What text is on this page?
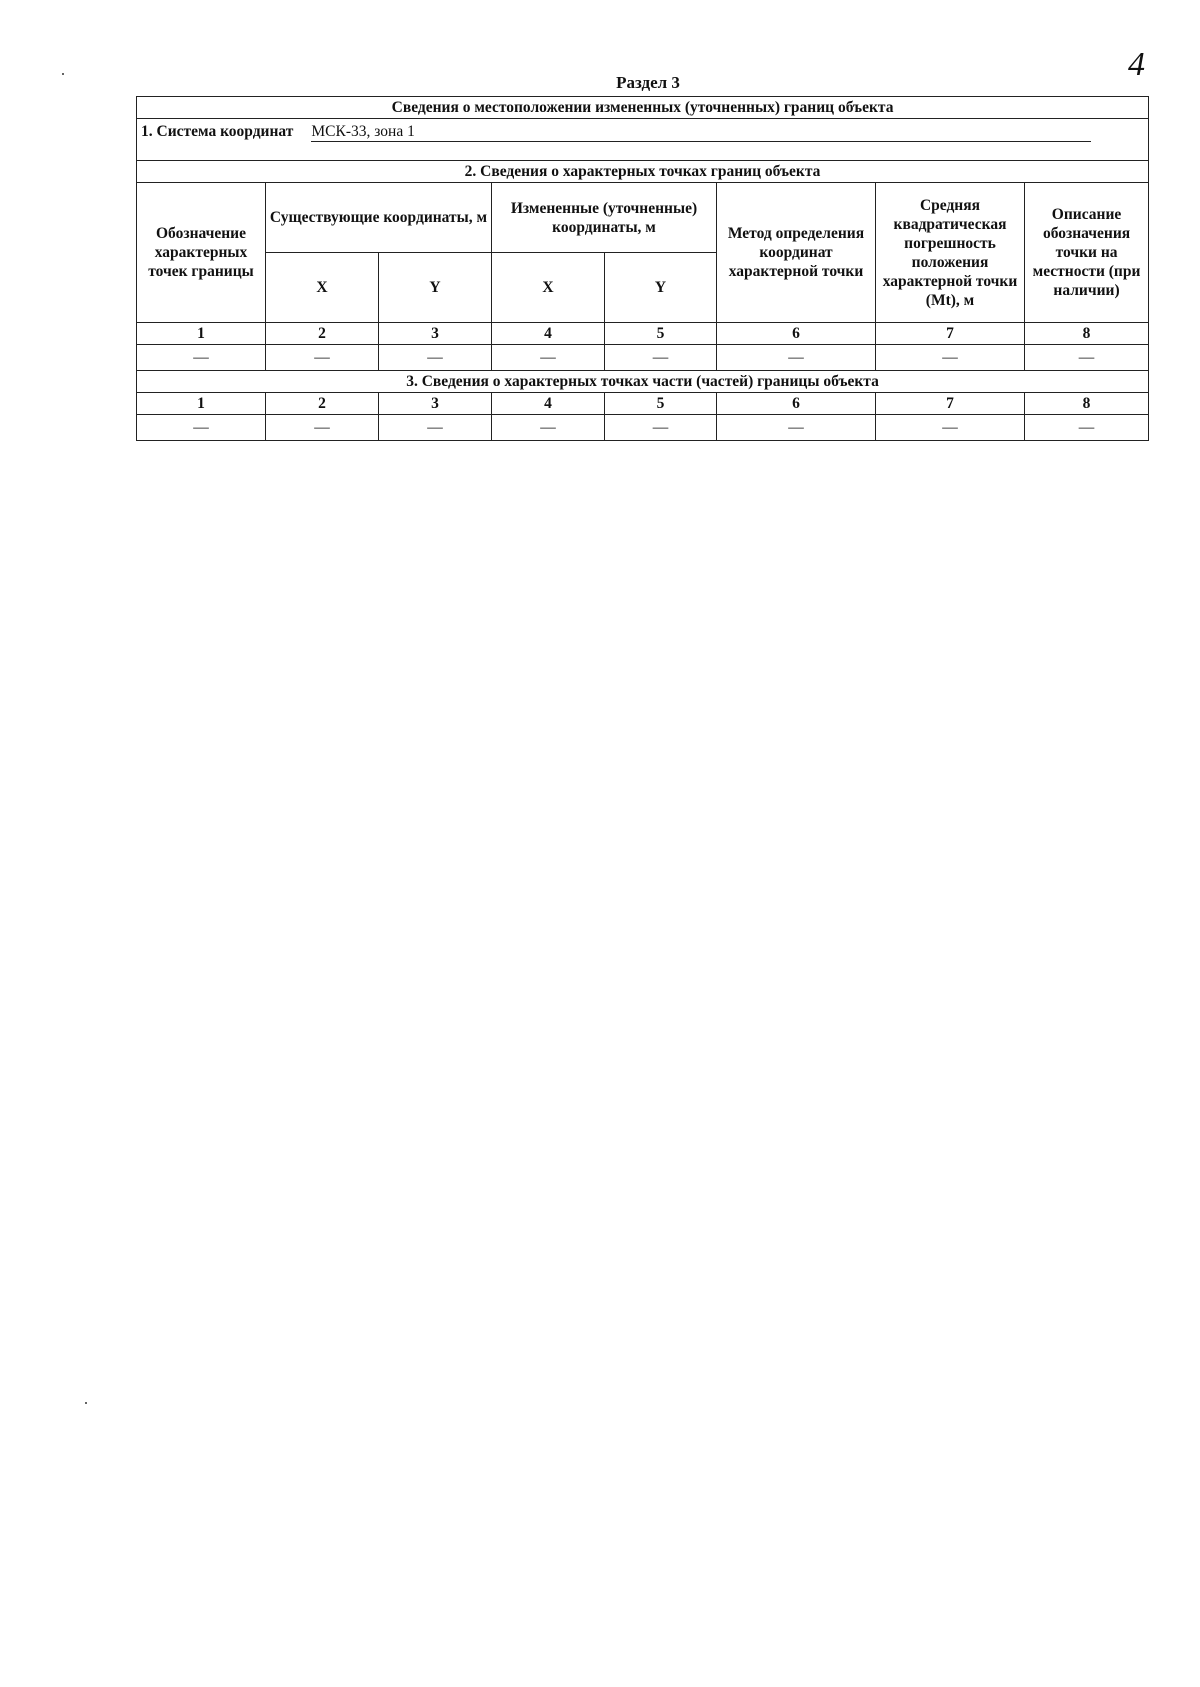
4
Раздел 3
Сведения о местоположении измененных (уточненных) границ объекта							
1. Система координат МСК-33, зона 1							
2. Сведения о характерных точках границ объекта							
Обозначение характерных точек границы	Существующие координаты, м		Измененные (уточненные) координаты, м		Метод определения координат характерной точки	Средняя квадратическая погрешность положения характерной точки (Mt), м	Описание обозначения точки на местности (при наличии)
	X	Y	X	Y			
1	2	3	4	5	6	7	8
—	—	—	—	—	—	—	—
3. Сведения о характерных точках части (частей) границы объекта							
1	2	3	4	5	6	7	8
—	—	—	—	—	—	—	—
